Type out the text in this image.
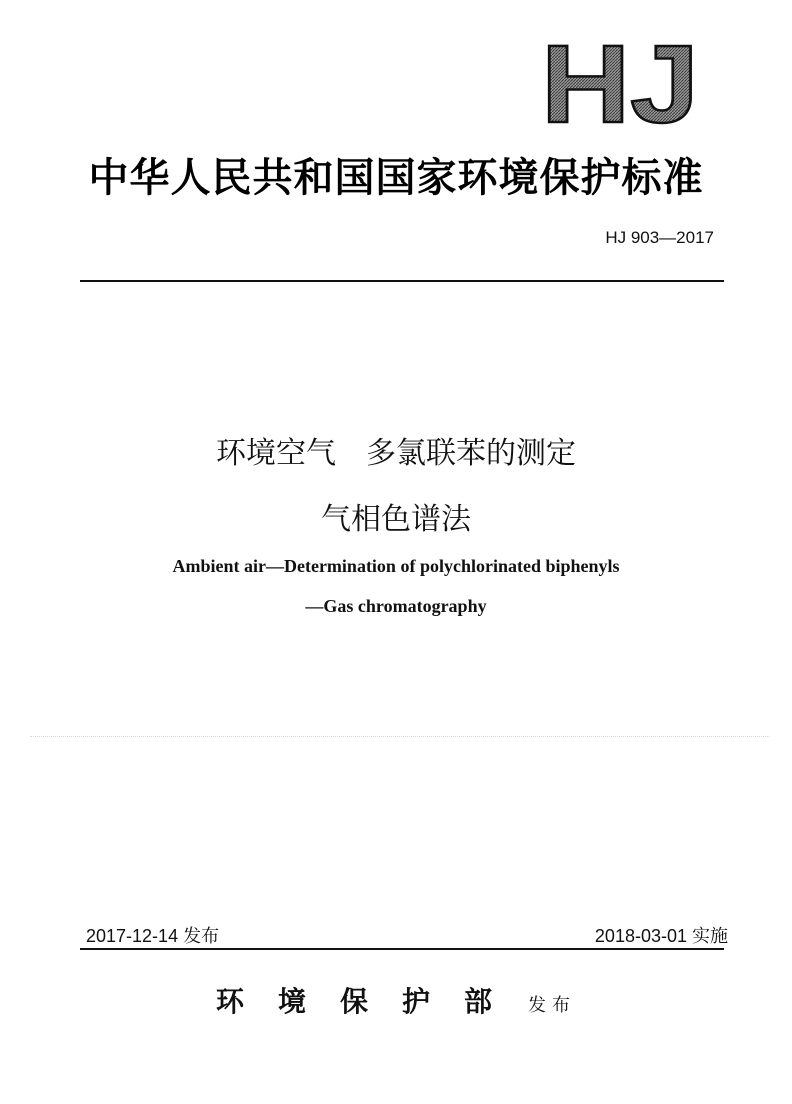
HJ
中华人民共和国国家环境保护标准
HJ 903—2017
环境空气　多氯联苯的测定
气相色谱法
Ambient air—Determination of polychlorinated biphenyls
—Gas chromatography
2017-12-14 发布	2018-03-01 实施
环境保护部 发布
